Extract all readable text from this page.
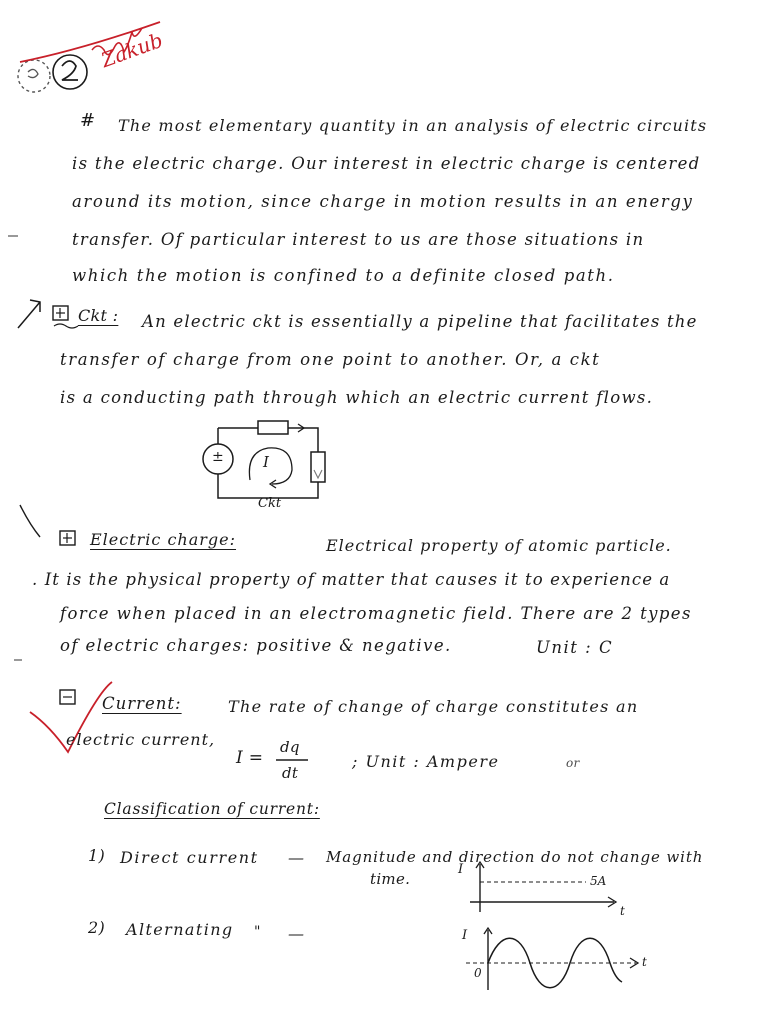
Zakub
# The most elementary quantity in an analysis of electric circuits
is the electric charge. Our interest in electric charge is centered
around its motion, since charge in motion results in an energy
transfer. Of particular interest to us are those situations in
which the motion is confined to a definite closed path.
Ckt : An electric ckt is essentially a pipeline that facilitates the
transfer of charge from one point to another. Or, a ckt
is a conducting path through which an electric current flows.
±	I
Ckt
Electric charge:	Electrical property of atomic particle.
. It is the physical property of matter that causes it to experience a
force when placed in an electromagnetic field. There are 2 types
of electric charges: positive & negative.	Unit : C
Current:	The rate of change of charge constitutes an
electric current,
I =
dq
dt
; Unit : Ampere	or
Classification of current:
1) Direct current — Magnitude and direction do not change with
time.
I
5A
t
2) Alternating " —	I
0
t
